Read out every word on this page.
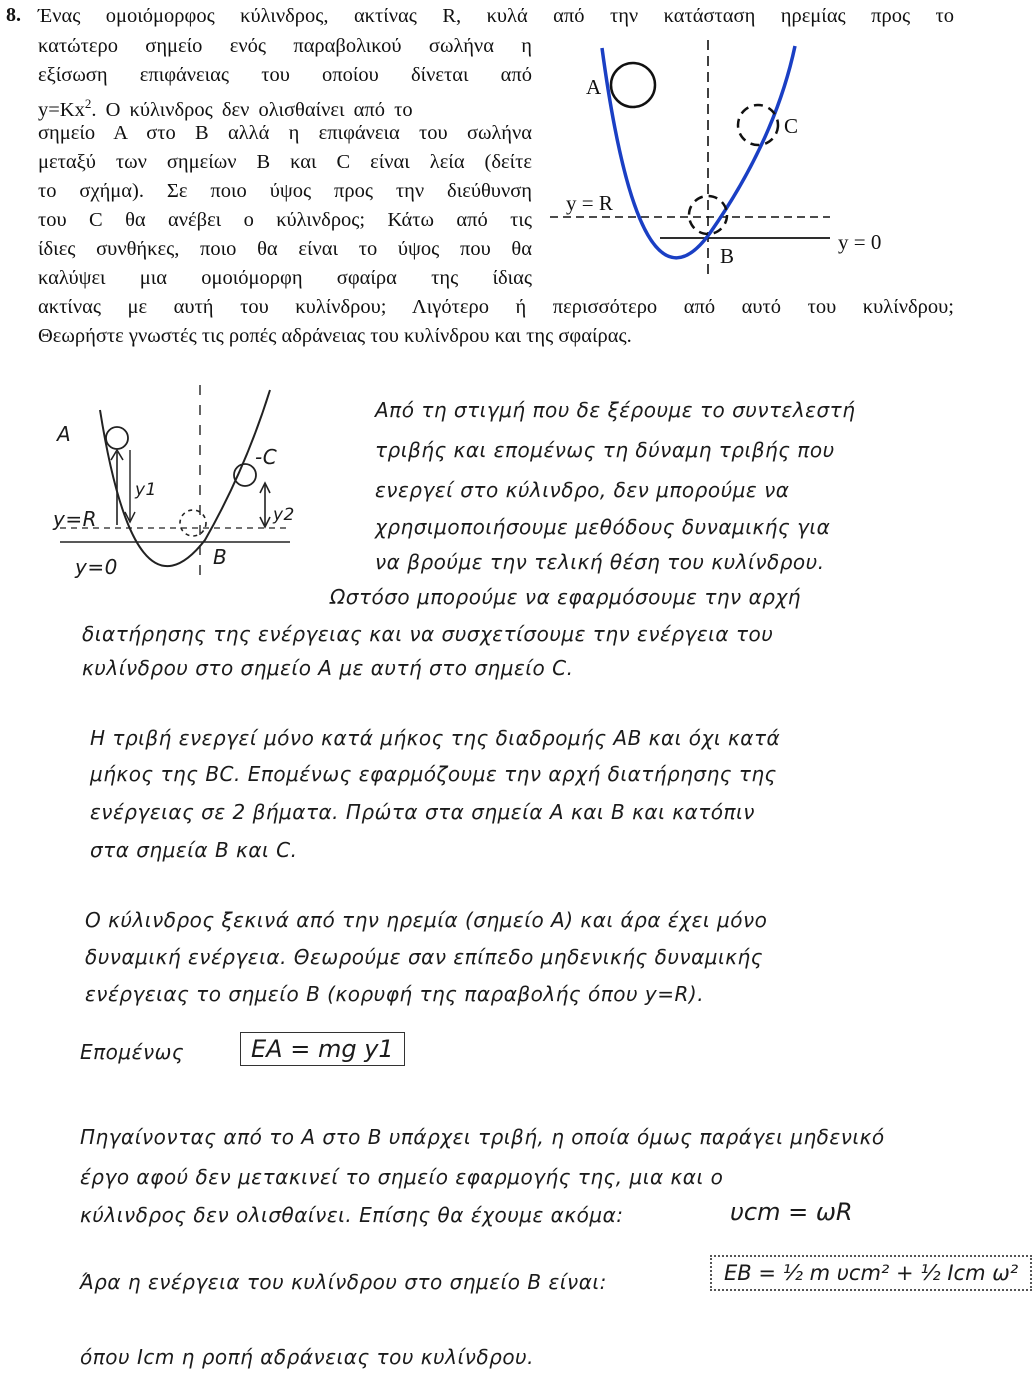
8. Ένας ομοιόμορφος κύλινδρος, ακτίνας R, κυλά από την κατάσταση ηρεμίας προς το
κατώτερο σημείο ενός παραβολικού σωλήνα η
εξίσωση επιφάνειας του οποίου δίνεται από
$y=Kx^2$. Ο κύλινδρος δεν ολισθαίνει από το
σημείο Α στο Β αλλά η επιφάνεια του σωλήνα
μεταξύ των σημείων Β και C είναι λεία (δείτε
το σχήμα). Σε ποιο ύψος προς την διεύθυνση
του C θα ανέβει ο κύλινδρος; Κάτω από τις
ίδιες συνθήκες, ποιο θα είναι το ύψος που θα
καλύψει μια ομοιόμορφη σφαίρα της ίδιας
ακτίνας με αυτή του κυλίνδρου; Λιγότερο ή περισσότερο από αυτό του κυλίνδρου;
Θεωρήστε γνωστές τις ροπές αδράνειας του κυλίνδρου και της σφαίρας.
A
C
y = R
y = 0
B
A
-C
B
y=R
y=0
y1
y2
Από τη στιγμή που δε ξέρουμε το συντελεστή
τριβής και επομένως τη δύναμη τριβής που
ενεργεί στο κύλινδρο, δεν μπορούμε να
χρησιμοποιήσουμε μεθόδους δυναμικής για
να βρούμε την τελική θέση του κυλίνδρου.
Ωστόσο μπορούμε να εφαρμόσουμε την αρχή
διατήρησης της ενέργειας και να συσχετίσουμε την ενέργεια του
κυλίνδρου στο σημείο Α με αυτή στο σημείο C.
Η τριβή ενεργεί μόνο κατά μήκος της διαδρομής ΑΒ και όχι κατά
μήκος της ΒC. Επομένως εφαρμόζουμε την αρχή διατήρησης της
ενέργειας σε 2 βήματα. Πρώτα στα σημεία Α και Β και κατόπιν
στα σημεία Β και C.
Ο κύλινδρος ξεκινά από την ηρεμία (σημείο Α) και άρα έχει μόνο
δυναμική ενέργεια. Θεωρούμε σαν επίπεδο μηδενικής δυναμικής
ενέργειας το σημείο Β (κορυφή της παραβολής όπου y=R).
Επομένως	EA = mg y1
Πηγαίνοντας από το Α στο Β υπάρχει τριβή, η οποία όμως παράγει μηδενικό
έργο αφού δεν μετακινεί το σημείο εφαρμογής της, μια και ο
κύλινδρος δεν ολισθαίνει. Επίσης θα έχουμε ακόμα:	υcm = ωR
Άρα η ενέργεια του κυλίνδρου στο σημείο Β είναι:	EB = ½ m υcm² + ½ Icm ω²
όπου Icm η ροπή αδράνειας του κυλίνδρου.
